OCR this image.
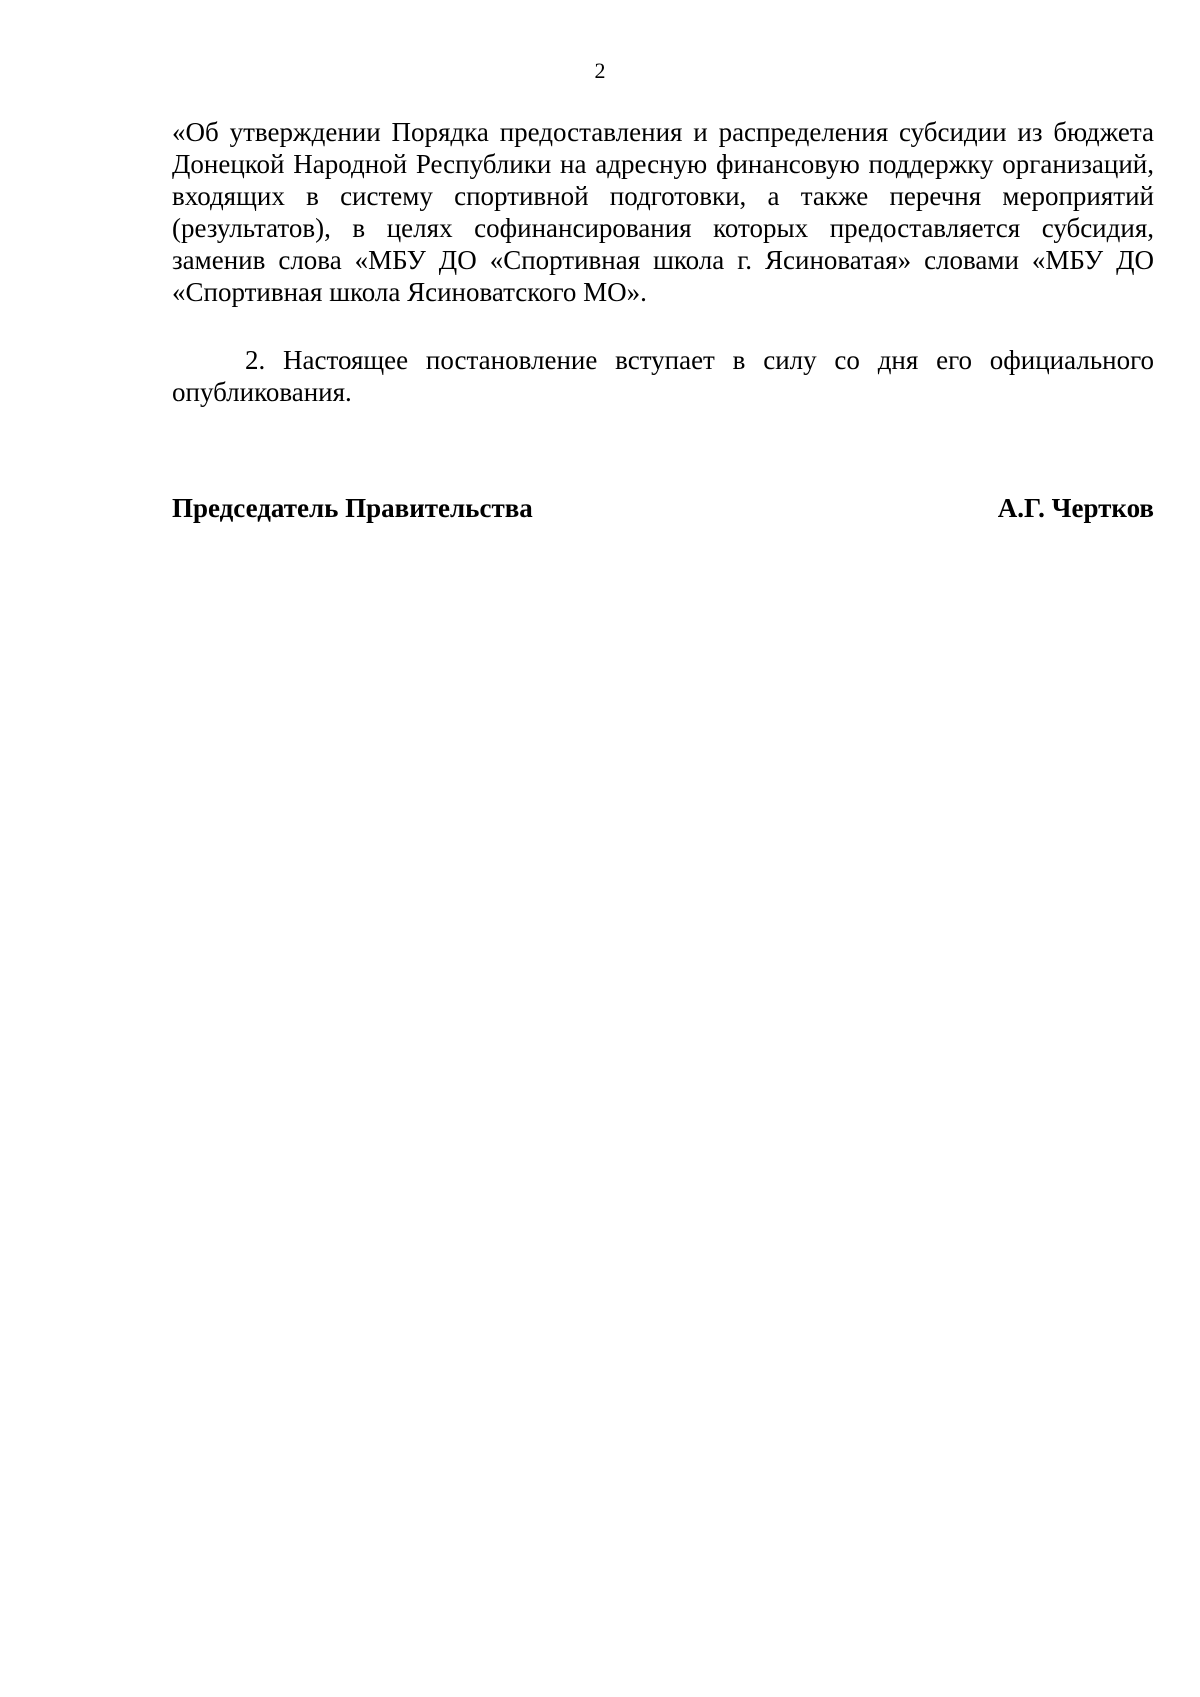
2

«Об утверждении Порядка предоставления и распределения субсидии из бюджета Донецкой Народной Республики на адресную финансовую поддержку организаций, входящих в систему спортивной подготовки, а также перечня мероприятий (результатов), в целях софинансирования которых предоставляется субсидия, заменив слова «МБУ ДО «Спортивная школа г. Ясиноватая» словами «МБУ ДО «Спортивная школа Ясиноватского МО».

2. Настоящее постановление вступает в силу со дня его официального опубликования.

Председатель Правительства	А.Г. Чертков
